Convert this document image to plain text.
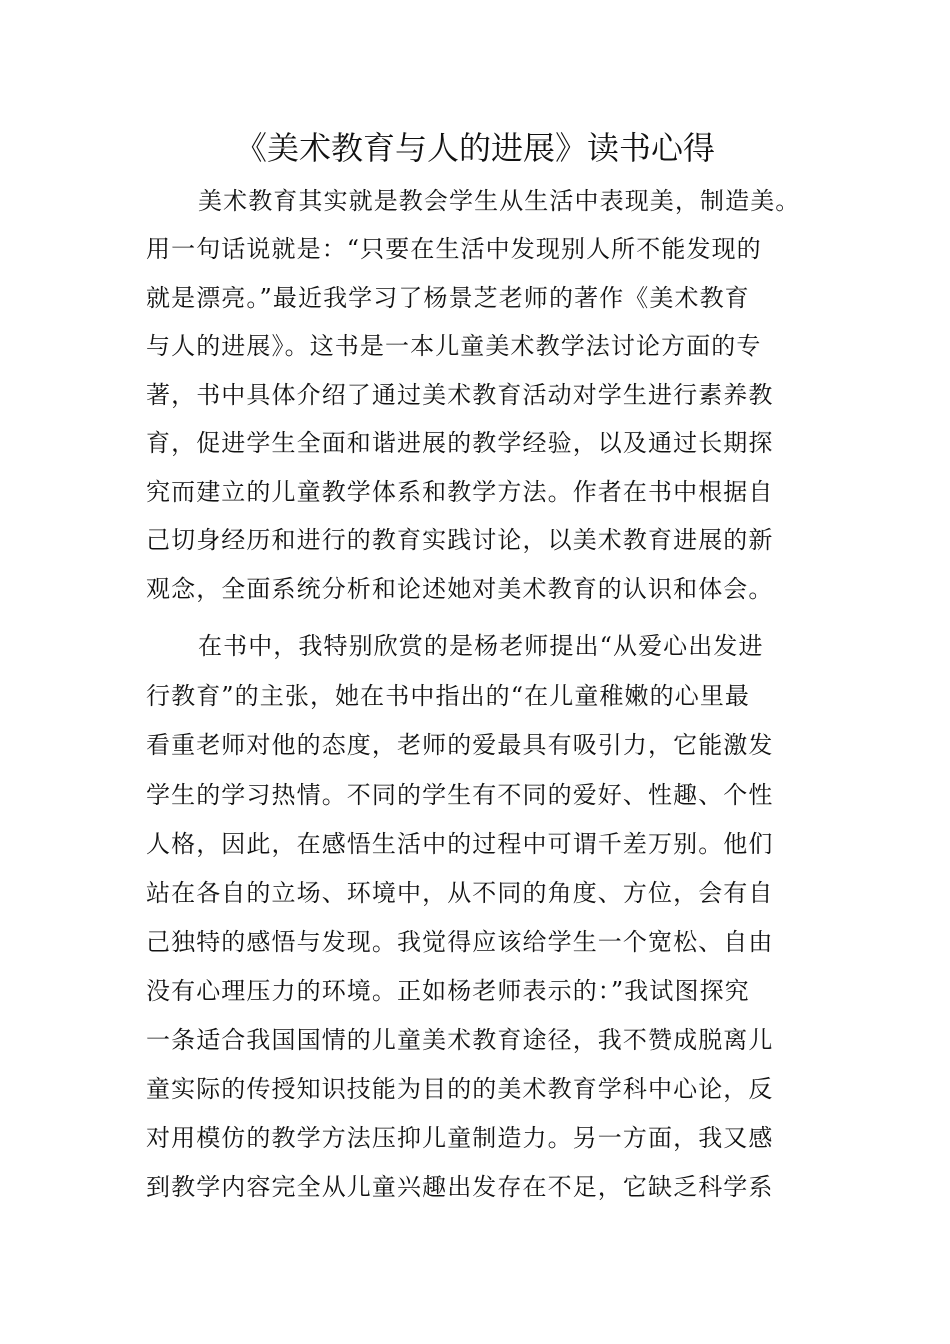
《美术教育与人的进展》读书心得
美术教育其实就是教会学生从生活中表现美，制造美。
用一句话说就是：“只要在生活中发现别人所不能发现的
就是漂亮。”最近我学习了杨景芝老师的著作《美术教育
与人的进展》。这书是一本儿童美术教学法讨论方面的专
著，书中具体介绍了通过美术教育活动对学生进行素养教
育，促进学生全面和谐进展的教学经验，以及通过长期探
究而建立的儿童教学体系和教学方法。作者在书中根据自
己切身经历和进行的教育实践讨论，以美术教育进展的新
观念，全面系统分析和论述她对美术教育的认识和体会。
在书中，我特别欣赏的是杨老师提出“从爱心出发进
行教育”的主张，她在书中指出的“在儿童稚嫩的心里最
看重老师对他的态度，老师的爱最具有吸引力，它能激发
学生的学习热情。不同的学生有不同的爱好、性趣、个性
人格，因此，在感悟生活中的过程中可谓千差万别。他们
站在各自的立场、环境中，从不同的角度、方位，会有自
己独特的感悟与发现。我觉得应该给学生一个宽松、自由
没有心理压力的环境。正如杨老师表示的：”我试图探究
一条适合我国国情的儿童美术教育途径，我不赞成脱离儿
童实际的传授知识技能为目的的美术教育学科中心论，反
对用模仿的教学方法压抑儿童制造力。另一方面，我又感
到教学内容完全从儿童兴趣出发存在不足，它缺乏科学系
